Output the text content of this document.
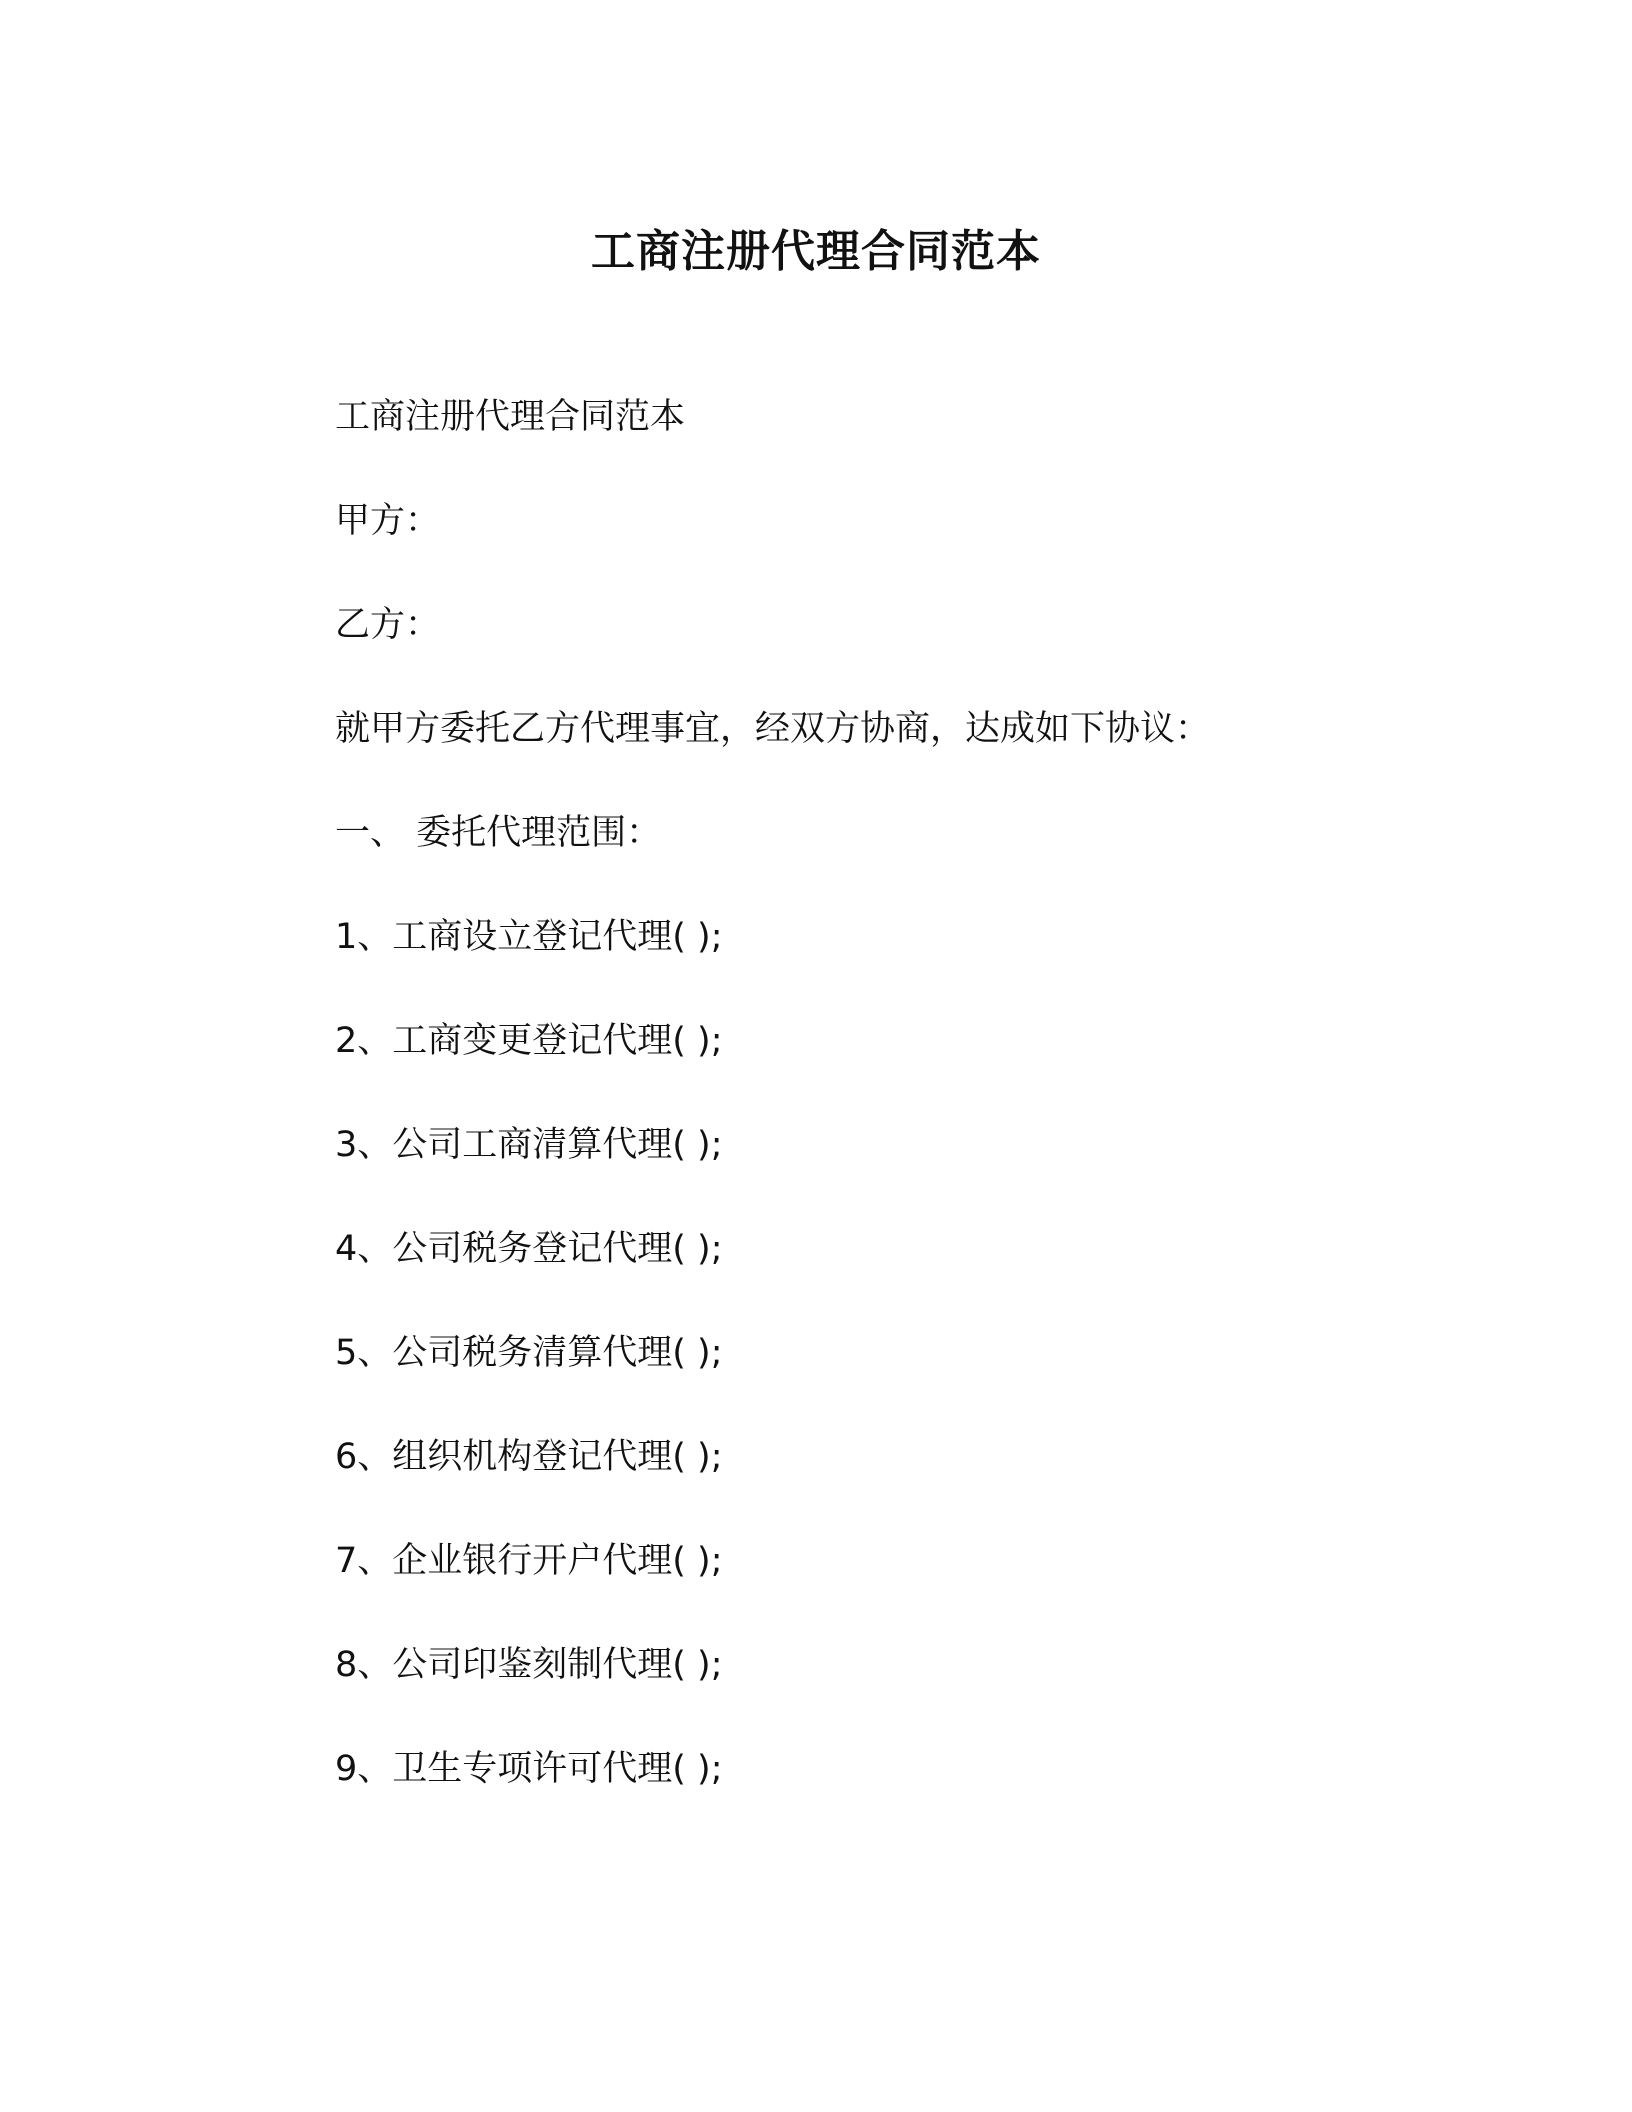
工商注册代理合同范本
工商注册代理合同范本
甲方：
乙方：
就甲方委托乙方代理事宜，经双方协商，达成如下协议：
一、 委托代理范围：
1、工商设立登记代理( );
2、工商变更登记代理( );
3、公司工商清算代理( );
4、公司税务登记代理( );
5、公司税务清算代理( );
6、组织机构登记代理( );
7、企业银行开户代理( );
8、公司印鉴刻制代理( );
9、卫生专项许可代理( );
